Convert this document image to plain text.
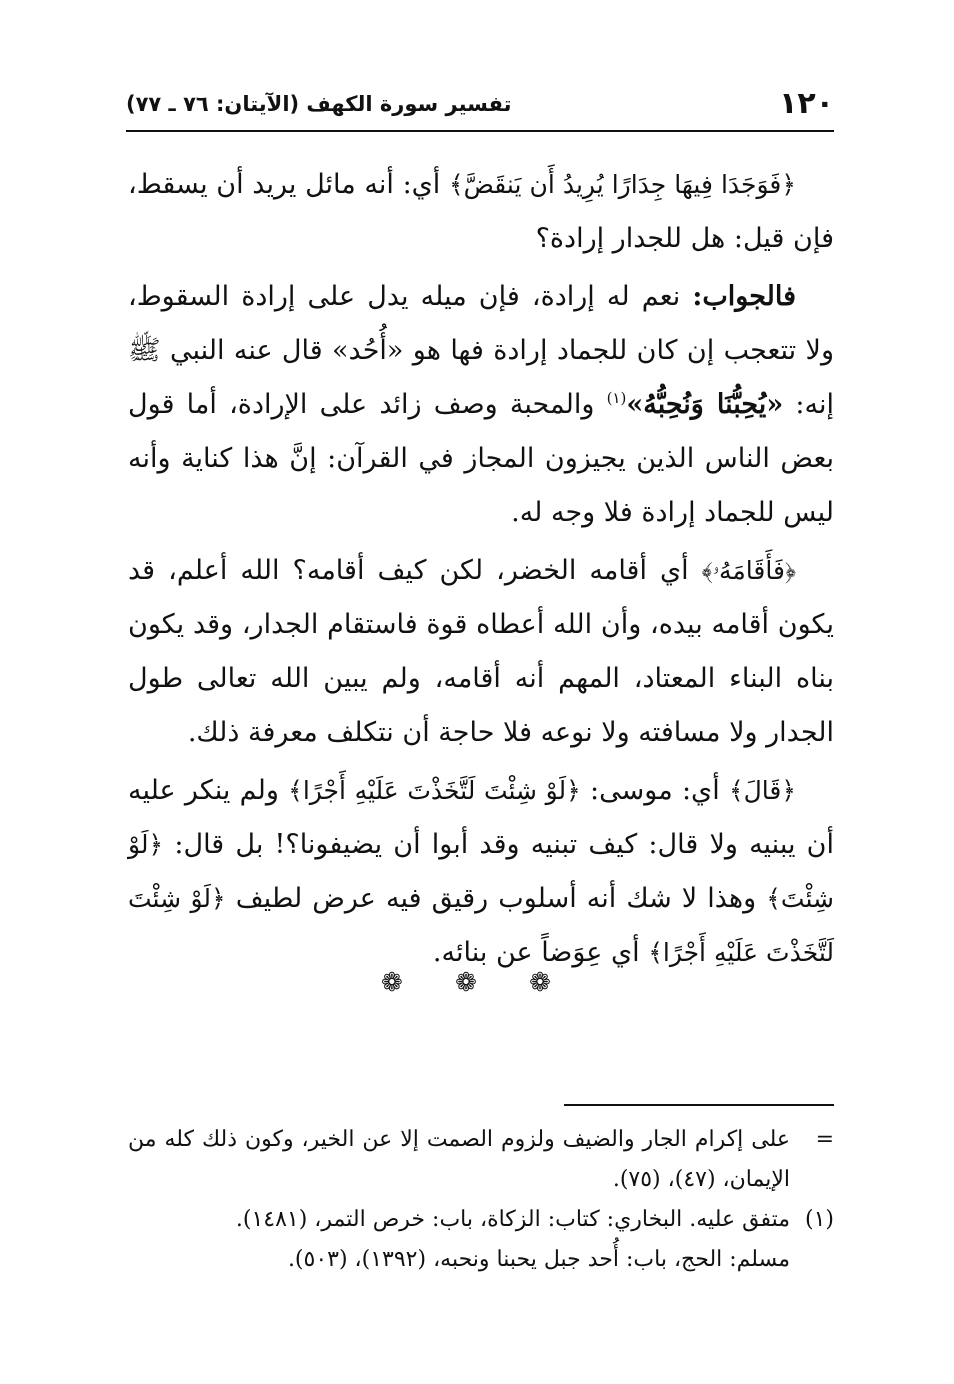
١٢٠
تفسير سورة الكهف (الآيتان: ٧٦ ـ ٧٧)

﴿فَوَجَدَا فِيهَا جِدَارًا يُرِيدُ أَن يَنقَضَّ﴾ أي: أنه مائل يريد أن يسقط، فإن قيل: هل للجدار إرادة؟

فالجواب: نعم له إرادة، فإن ميله يدل على إرادة السقوط، ولا تتعجب إن كان للجماد إرادة فها هو «أُحُد» قال عنه النبي ﷺ إنه: «يُحِبُّنَا وَنُحِبُّهُ»$^{(١)}$ والمحبة وصف زائد على الإرادة، أما قول بعض الناس الذين يجيزون المجاز في القرآن: إنَّ هذا كناية وأنه ليس للجماد إرادة فلا وجه له.

﴿فَأَقَامَهُۥ﴾ أي أقامه الخضر، لكن كيف أقامه؟ الله أعلم، قد يكون أقامه بيده، وأن الله أعطاه قوة فاستقام الجدار، وقد يكون بناه البناء المعتاد، المهم أنه أقامه، ولم يبين الله تعالى طول الجدار ولا مسافته ولا نوعه فلا حاجة أن نتكلف معرفة ذلك.

﴿قَالَ﴾ أي: موسى: ﴿لَوْ شِئْتَ لَتَّخَذْتَ عَلَيْهِ أَجْرًا﴾ ولم ينكر عليه أن يبنيه ولا قال: كيف تبنيه وقد أبوا أن يضيفونا؟! بل قال: ﴿لَوْ شِئْتَ﴾ وهذا لا شك أنه أسلوب رقيق فيه عرض لطيف ﴿لَوْ شِئْتَ لَتَّخَذْتَ عَلَيْهِ أَجْرًا﴾ أي عِوَضاً عن بنائه.

❁ ❁ ❁

=
على إكرام الجار والضيف ولزوم الصمت إلا عن الخير، وكون ذلك كله من الإيمان، (٤٧)، (٧٥).

(١)
متفق عليه. البخاري: كتاب: الزكاة، باب: خرص التمر، (١٤٨١).
مسلم: الحج، باب: أُحد جبل يحبنا ونحبه، (١٣٩٢)، (٥٠٣).
